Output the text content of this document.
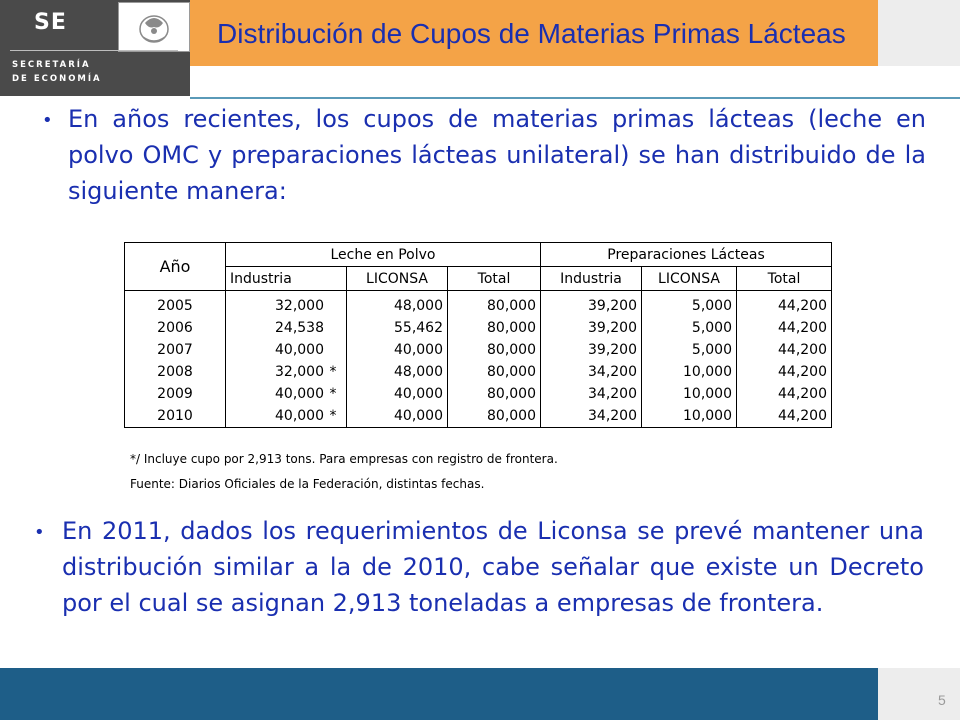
SE
SECRETARÍA
DE ECONOMÍA
Distribución de Cupos de Materias Primas Lácteas
• En años recientes, los cupos de materias primas lácteas (leche en polvo OMC y preparaciones lácteas unilateral) se han distribuido de la siguiente manera:
Año	Leche en Polvo			Preparaciones Lácteas		
	Industria	LICONSA	Total	Industria	LICONSA	Total
2005	32,000	48,000	80,000	39,200	5,000	44,200
2006	24,538	55,462	80,000	39,200	5,000	44,200
2007	40,000	40,000	80,000	39,200	5,000	44,200
2008	32,000 *	48,000	80,000	34,200	10,000	44,200
2009	40,000 *	40,000	80,000	34,200	10,000	44,200
2010	40,000 *	40,000	80,000	34,200	10,000	44,200
*/ Incluye cupo por 2,913 tons. Para empresas con registro de frontera.
Fuente: Diarios Oficiales de la Federación, distintas fechas.
• En 2011, dados los requerimientos de Liconsa se prevé mantener una distribución similar a la de 2010, cabe señalar que existe un Decreto por el cual se asignan 2,913 toneladas a empresas de frontera.
5
